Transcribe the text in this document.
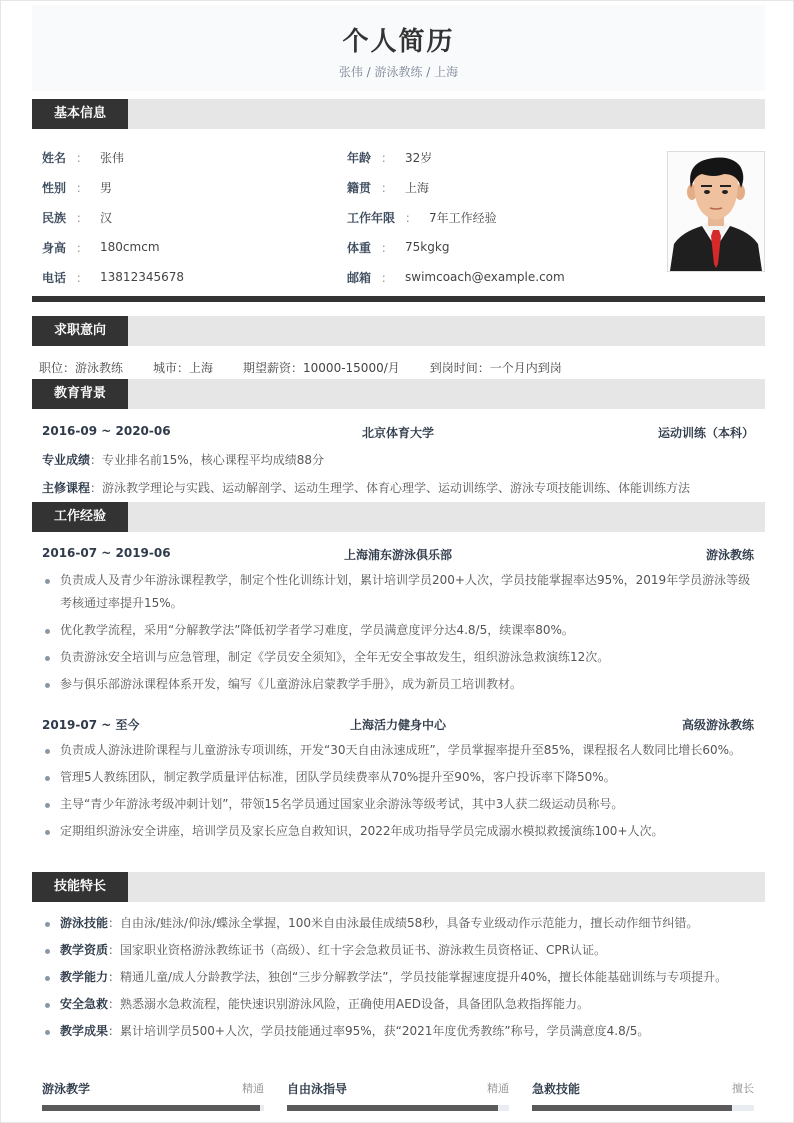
个人简历
张伟 / 游泳教练 / 上海
基本信息
姓名 ： 张伟	年龄 ： 32岁
性别 ： 男	籍贯 ： 上海
民族 ： 汉	工作年限 ： 7年工作经验
身高 ： 180cmcm	体重 ： 75kgkg
电话 ： 13812345678	邮箱 ： swimcoach@example.com
求职意向
职位：游泳教练	城市：上海	期望薪资：10000-15000/月	到岗时间：一个月内到岗
教育背景
2016-09 ~ 2020-06	北京体育大学	运动训练（本科）
专业成绩：专业排名前15%，核心课程平均成绩88分
主修课程：游泳教学理论与实践、运动解剖学、运动生理学、体育心理学、运动训练学、游泳专项技能训练、体能训练方法
工作经验
2016-07 ~ 2019-06	上海浦东游泳俱乐部	游泳教练
负责成人及青少年游泳课程教学，制定个性化训练计划，累计培训学员200+人次，学员技能掌握率达95%，2019年学员游泳等级考核通过率提升15%。
优化教学流程，采用“分解教学法”降低初学者学习难度，学员满意度评分达4.8/5，续课率80%。
负责游泳安全培训与应急管理，制定《学员安全须知》，全年无安全事故发生，组织游泳急救演练12次。
参与俱乐部游泳课程体系开发，编写《儿童游泳启蒙教学手册》，成为新员工培训教材。
2019-07 ~ 至今	上海活力健身中心	高级游泳教练
负责成人游泳进阶课程与儿童游泳专项训练，开发“30天自由泳速成班”，学员掌握率提升至85%，课程报名人数同比增长60%。
管理5人教练团队，制定教学质量评估标准，团队学员续费率从70%提升至90%，客户投诉率下降50%。
主导“青少年游泳考级冲刺计划”，带领15名学员通过国家业余游泳等级考试，其中3人获二级运动员称号。
定期组织游泳安全讲座，培训学员及家长应急自救知识，2022年成功指导学员完成溺水模拟救援演练100+人次。
技能特长
游泳技能：自由泳/蛙泳/仰泳/蝶泳全掌握，100米自由泳最佳成绩58秒，具备专业级动作示范能力，擅长动作细节纠错。
教学资质：国家职业资格游泳教练证书（高级）、红十字会急救员证书、游泳救生员资格证、CPR认证。
教学能力：精通儿童/成人分龄教学法，独创“三步分解教学法”，学员技能掌握速度提升40%，擅长体能基础训练与专项提升。
安全急救：熟悉溺水急救流程，能快速识别游泳风险，正确使用AED设备，具备团队急救指挥能力。
教学成果：累计培训学员500+人次，学员技能通过率95%，获“2021年度优秀教练”称号，学员满意度4.8/5。
游泳教学	精通 自由泳指导	精通 急救技能	擅长
